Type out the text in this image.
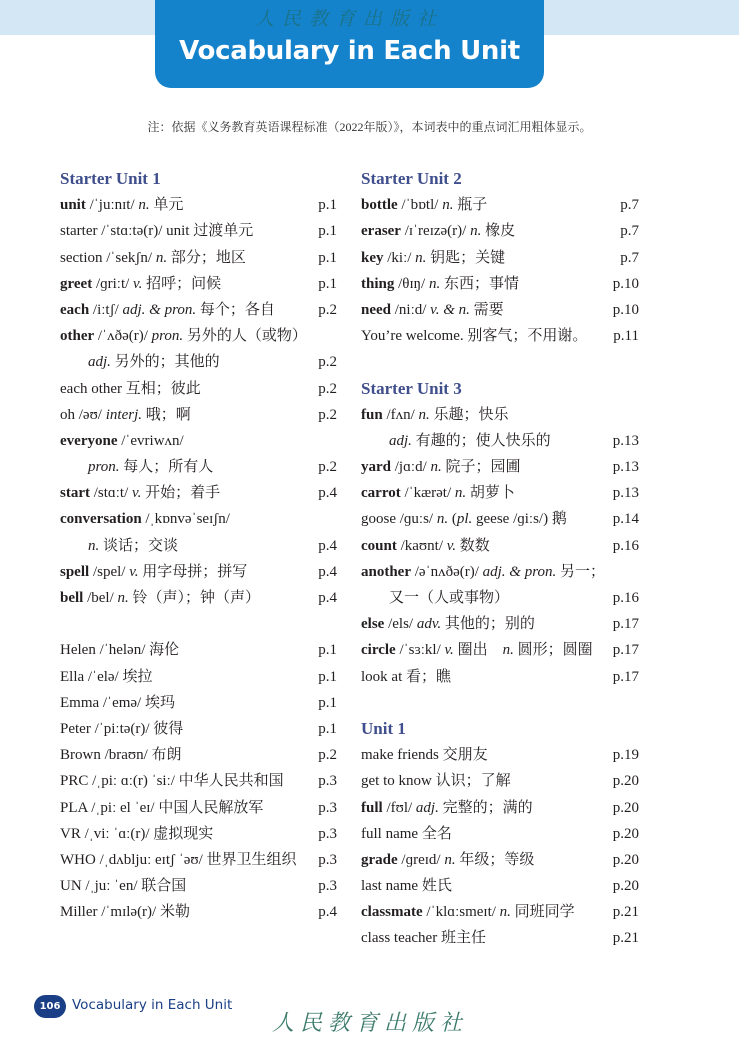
人民教育出版社
Vocabulary in Each Unit
注：依据《义务教育英语课程标准（2022年版）》，本词表中的重点词汇用粗体显示。
Starter Unit 1
unit /ˈjuːnɪt/ n. 单元	p.1
starter /ˈstɑːtə(r)/ unit 过渡单元	p.1
section /ˈsekʃn/ n. 部分；地区	p.1
greet /ɡriːt/ v. 招呼；问候	p.1
each /iːtʃ/ adj. & pron. 每个；各自	p.2
other /ˈʌðə(r)/ pron. 另外的人（或物）
adj. 另外的；其他的	p.2
each other 互相；彼此	p.2
oh /əʊ/ interj. 哦；啊	p.2
everyone /ˈevriwʌn/
pron. 每人；所有人	p.2
start /stɑːt/ v. 开始；着手	p.4
conversation /ˌkɒnvəˈseɪʃn/
n. 谈话；交谈	p.4
spell /spel/ v. 用字母拼；拼写	p.4
bell /bel/ n. 铃（声）；钟（声）	p.4
Helen /ˈhelən/ 海伦	p.1
Ella /ˈelə/ 埃拉	p.1
Emma /ˈemə/ 埃玛	p.1
Peter /ˈpiːtə(r)/ 彼得	p.1
Brown /braʊn/ 布朗	p.2
PRC /ˌpiː ɑː(r) ˈsiː/ 中华人民共和国 p.3
PLA /ˌpiː el ˈeɪ/ 中国人民解放军	p.3
VR /ˌviː ˈɑː(r)/ 虚拟现实	p.3
WHO /ˌdʌbljuː eɪtʃ ˈəʊ/ 世界卫生组织 p.3
UN /ˌjuː ˈen/ 联合国	p.3
Miller /ˈmɪlə(r)/ 米勒	p.4
Starter Unit 2
bottle /ˈbɒtl/ n. 瓶子	p.7
eraser /ɪˈreɪzə(r)/ n. 橡皮	p.7
key /kiː/ n. 钥匙；关键	p.7
thing /θɪŋ/ n. 东西；事情	p.10
need /niːd/ v. & n. 需要	p.10
You’re welcome. 别客气；不用谢。 p.11
Starter Unit 3
fun /fʌn/ n. 乐趣；快乐
adj. 有趣的；使人快乐的	p.13
yard /jɑːd/ n. 院子；园圃	p.13
carrot /ˈkærət/ n. 胡萝卜	p.13
goose /ɡuːs/ n. (pl. geese /ɡiːs/) 鹅	p.14
count /kaʊnt/ v. 数数	p.16
another /əˈnʌðə(r)/ adj. & pron. 另一；
又一（人或事物）	p.16
else /els/ adv. 其他的；别的	p.17
circle /ˈsɜːkl/ v. 圈出　n. 圆形；圆圈 p.17
look at 看；瞧	p.17
Unit 1
make friends 交朋友	p.19
get to know 认识；了解	p.20
full /fʊl/ adj. 完整的；满的	p.20
full name 全名	p.20
grade /ɡreɪd/ n. 年级；等级	p.20
last name 姓氏	p.20
classmate /ˈklɑːsmeɪt/ n. 同班同学	p.21
class teacher 班主任	p.21
106 Vocabulary in Each Unit
人民教育出版社
